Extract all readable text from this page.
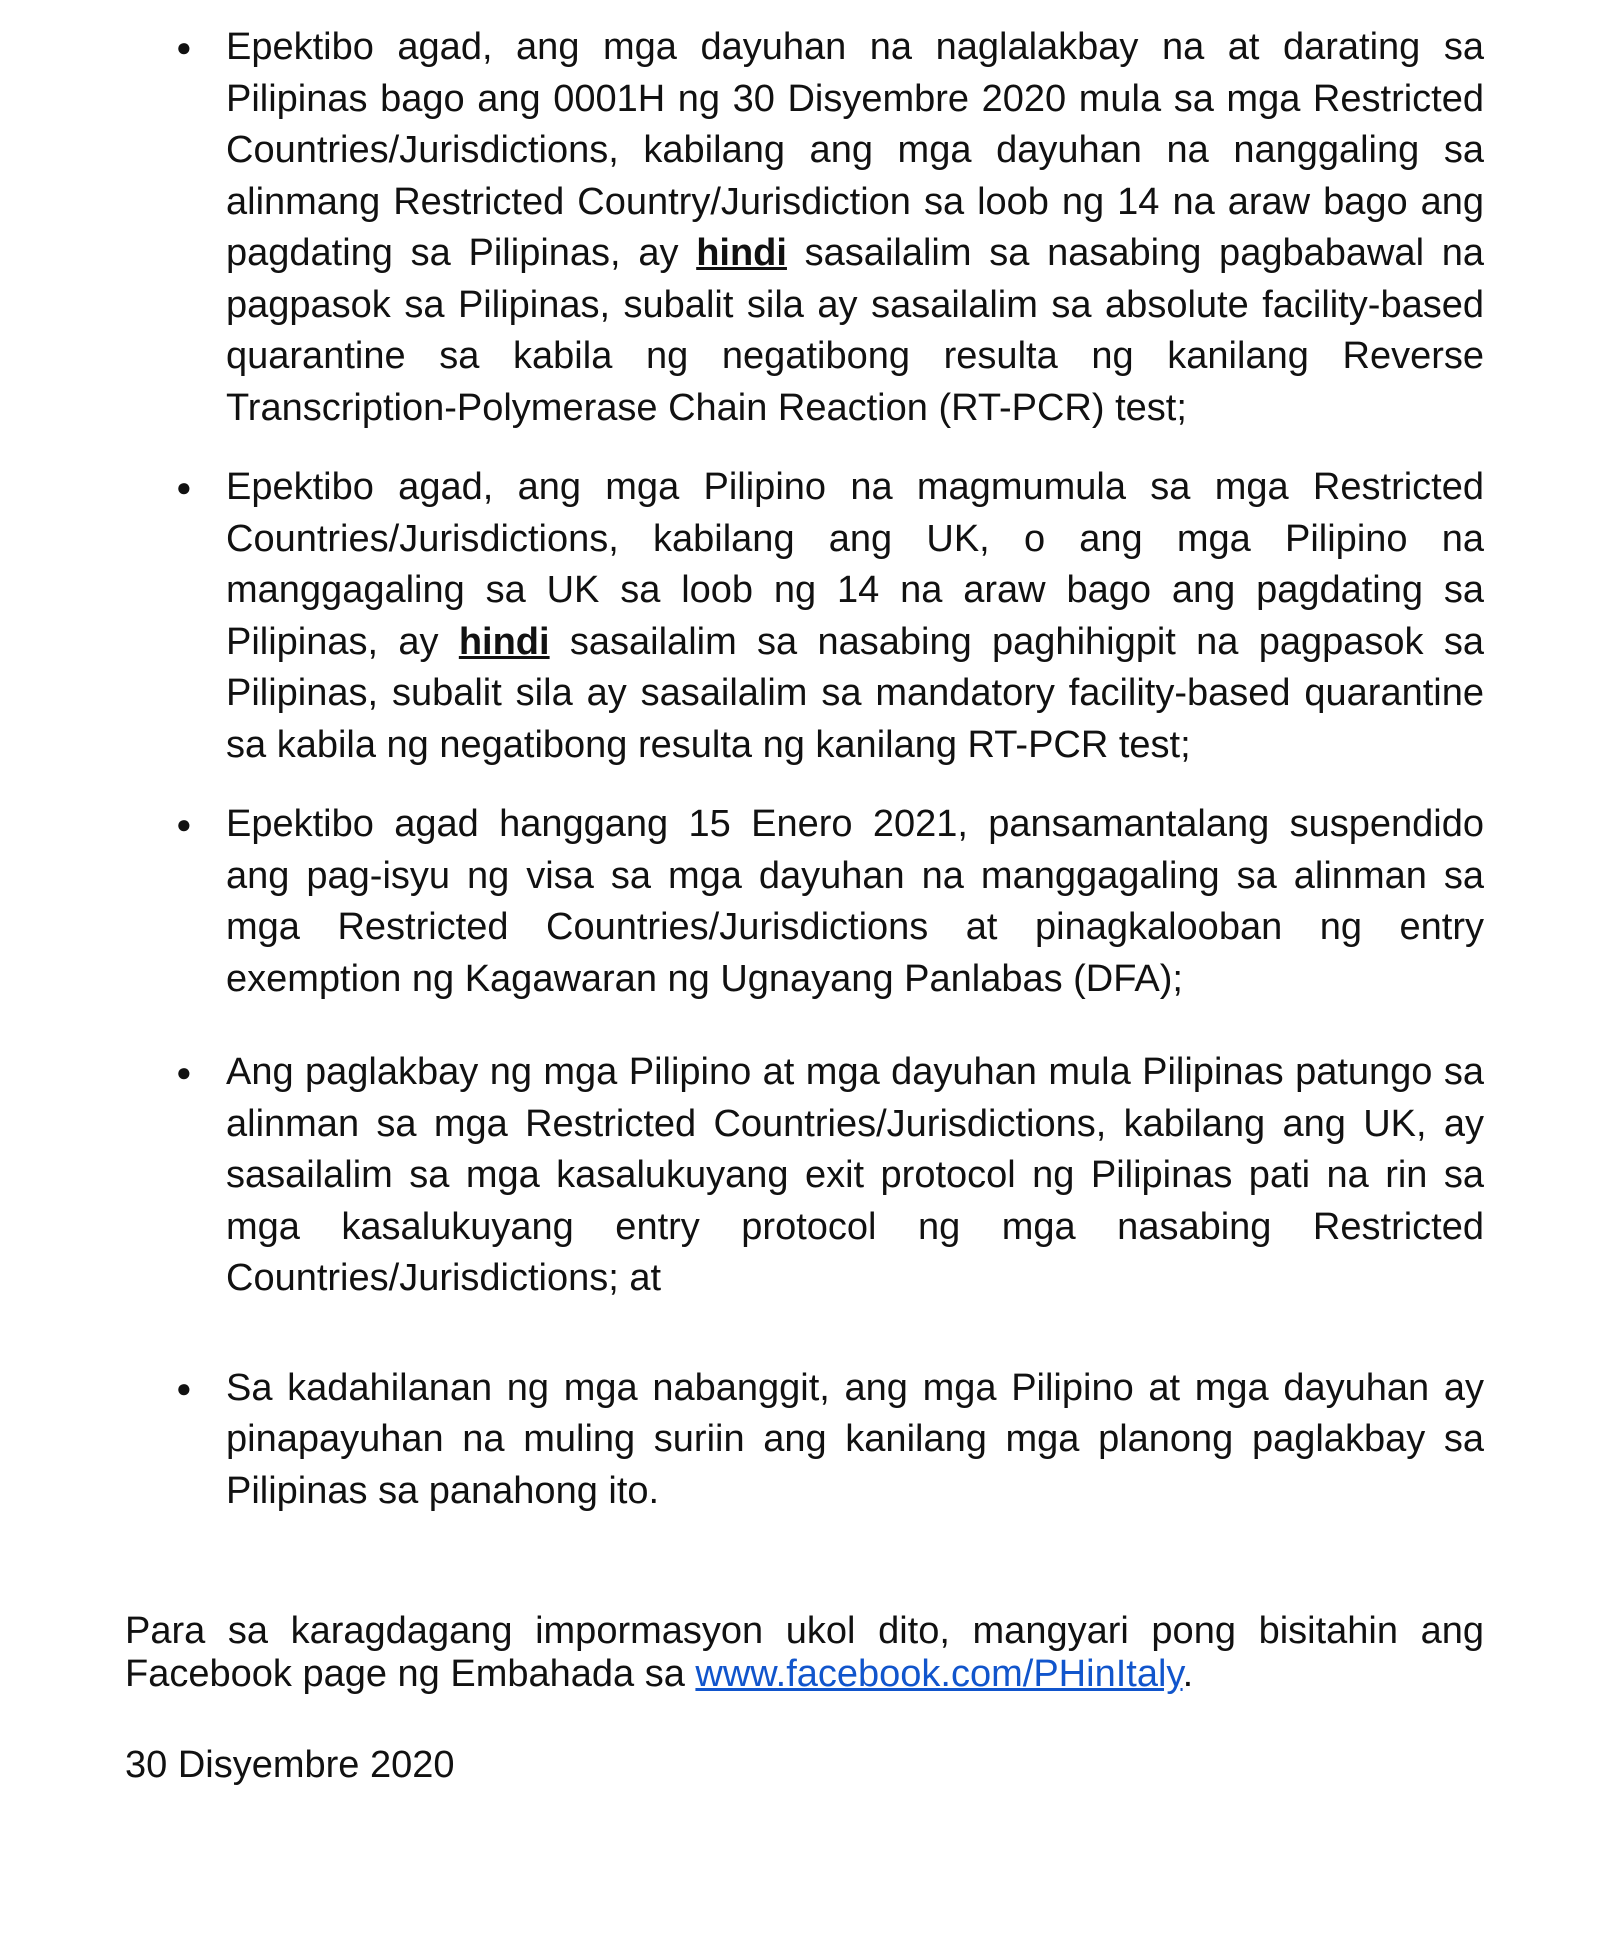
● Epektibo agad, ang mga dayuhan na naglalakbay na at darating sa Pilipinas bago ang 0001H ng 30 Disyembre 2020 mula sa mga Restricted Countries/Jurisdictions, kabilang ang mga dayuhan na nanggaling sa alinmang Restricted Country/Jurisdiction sa loob ng 14 na araw bago ang pagdating sa Pilipinas, ay hindi sasailalim sa nasabing pagbabawal na pagpasok sa Pilipinas, subalit sila ay sasailalim sa absolute facility-based quarantine sa kabila ng negatibong resulta ng kanilang Reverse Transcription-Polymerase Chain Reaction (RT-PCR) test;
● Epektibo agad, ang mga Pilipino na magmumula sa mga Restricted Countries/Jurisdictions, kabilang ang UK, o ang mga Pilipino na manggagaling sa UK sa loob ng 14 na araw bago ang pagdating sa Pilipinas, ay hindi sasailalim sa nasabing paghihigpit na pagpasok sa Pilipinas, subalit sila ay sasailalim sa mandatory facility-based quarantine sa kabila ng negatibong resulta ng kanilang RT-PCR test;
● Epektibo agad hanggang 15 Enero 2021, pansamantalang suspendido ang pag-isyu ng visa sa mga dayuhan na manggagaling sa alinman sa mga Restricted Countries/Jurisdictions at pinagkalooban ng entry exemption ng Kagawaran ng Ugnayang Panlabas (DFA);
● Ang paglakbay ng mga Pilipino at mga dayuhan mula Pilipinas patungo sa alinman sa mga Restricted Countries/Jurisdictions, kabilang ang UK, ay sasailalim sa mga kasalukuyang exit protocol ng Pilipinas pati na rin sa mga kasalukuyang entry protocol ng mga nasabing Restricted Countries/Jurisdictions; at
● Sa kadahilanan ng mga nabanggit, ang mga Pilipino at mga dayuhan ay pinapayuhan na muling suriin ang kanilang mga planong paglakbay sa Pilipinas sa panahong ito.
Para sa karagdagang impormasyon ukol dito, mangyari pong bisitahin ang Facebook page ng Embahada sa www.facebook.com/PHinItaly.
30 Disyembre 2020
